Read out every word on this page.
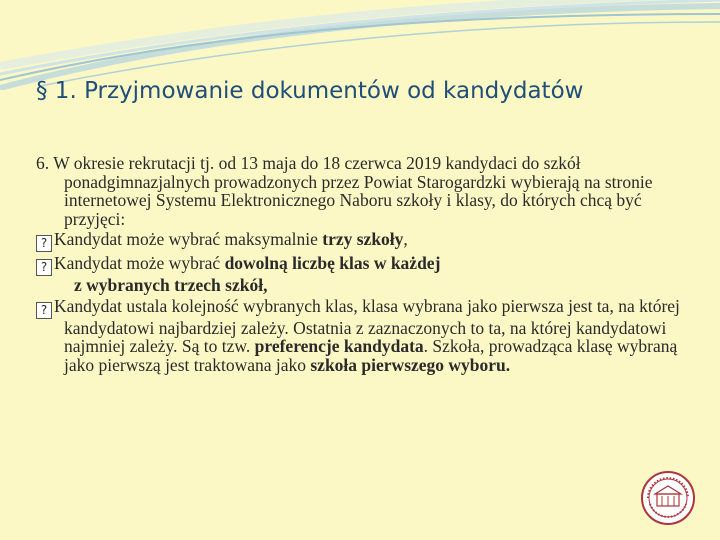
§ 1. Przyjmowanie dokumentów od kandydatów
6. W okresie rekrutacji tj. od 13 maja do 18 czerwca 2019 kandydaci do szkół ponadgimnazjalnych prowadzonych przez Powiat Starogardzki wybierają na stronie internetowej Systemu Elektronicznego Naboru szkoły i klasy, do których chcą być przyjęci:
? Kandydat może wybrać maksymalnie trzy szkoły,
? Kandydat może wybrać dowolną liczbę klas w każdej
z wybranych trzech szkół,
? Kandydat ustala kolejność wybranych klas, klasa wybrana jako pierwsza jest ta, na której kandydatowi najbardziej zależy. Ostatnia z zaznaczonych to ta, na której kandydatowi najmniej zależy. Są to tzw. preferencje kandydata. Szkoła, prowadząca klasę wybraną jako pierwszą jest traktowana jako szkoła pierwszego wyboru.
